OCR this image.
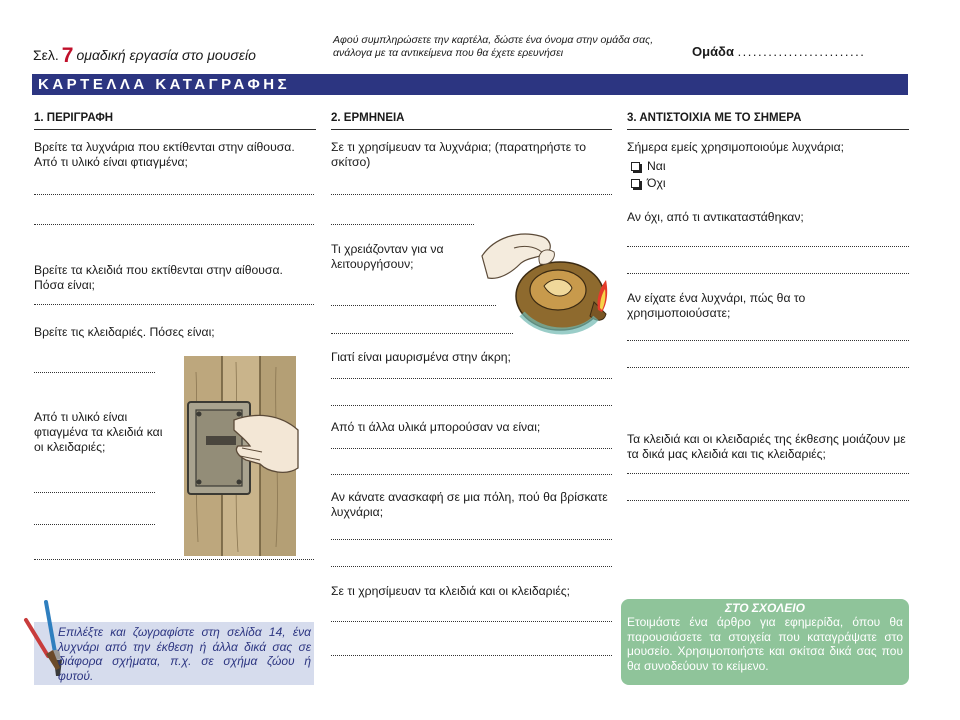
Σελ. 7 ομαδική εργασία στο μουσείο
Αφού συμπληρώσετε την καρτέλα, δώστε ένα όνομα στην ομάδα σας, ανάλογα με τα αντικείμενα που θα έχετε ερευνήσει	Ομάδα .........................
ΚΑΡΤΕΛΛΑ ΚΑΤΑΓΡΑΦΗΣ
1. ΠΕΡΙΓΡΑΦΗ	2. ΕΡΜΗΝΕΙΑ	3. ΑΝΤΙΣΤΟΙΧΙΑ ΜΕ ΤΟ ΣΗΜΕΡΑ
Βρείτε τα λυχνάρια που εκτίθενται στην αίθουσα. Από τι υλικό είναι φτιαγμένα;
Βρείτε τα κλειδιά που εκτίθενται στην αίθουσα. Πόσα είναι;
Βρείτε τις κλειδαριές. Πόσες είναι;
Από τι υλικό είναι φτιαγμένα τα κλειδιά και οι κλειδαριές;
Σε τι χρησίμευαν τα λυχνάρια; (παρατηρήστε το σκίτσο)
Τι χρειάζονταν για να λειτουργήσουν;
Γιατί είναι μαυρισμένα στην άκρη;
Από τι άλλα υλικά μπορούσαν να είναι;
Αν κάνατε ανασκαφή σε μια πόλη, πού θα βρίσκατε λυχνάρια;
Σε τι χρησίμευαν τα κλειδιά και οι κλειδαριές;
Σήμερα εμείς χρησιμοποιούμε λυχνάρια;
Ναι
Όχι
Αν όχι, από τι αντικαταστάθηκαν;
Αν είχατε ένα λυχνάρι, πώς θα το χρησιμοποιούσατε;
Τα κλειδιά και οι κλειδαριές της έκθεσης μοιάζουν με τα δικά μας κλειδιά και τις κλειδαριές;
Επιλέξτε και ζωγραφίστε στη σελίδα 14, ένα λυχνάρι από την έκθεση ή άλλα δικά σας σε διάφορα σχήματα, π.χ. σε σχήμα ζώου ή φυτού.
ΣΤΟ ΣΧΟΛΕΙΟ
Ετοιμάστε ένα άρθρο για εφημερίδα, όπου θα παρουσιάσετε τα στοιχεία που καταγράψατε στο μουσείο. Χρησιμοποιήστε και σκίτσα δικά σας που θα συνοδεύουν το κείμενο.
